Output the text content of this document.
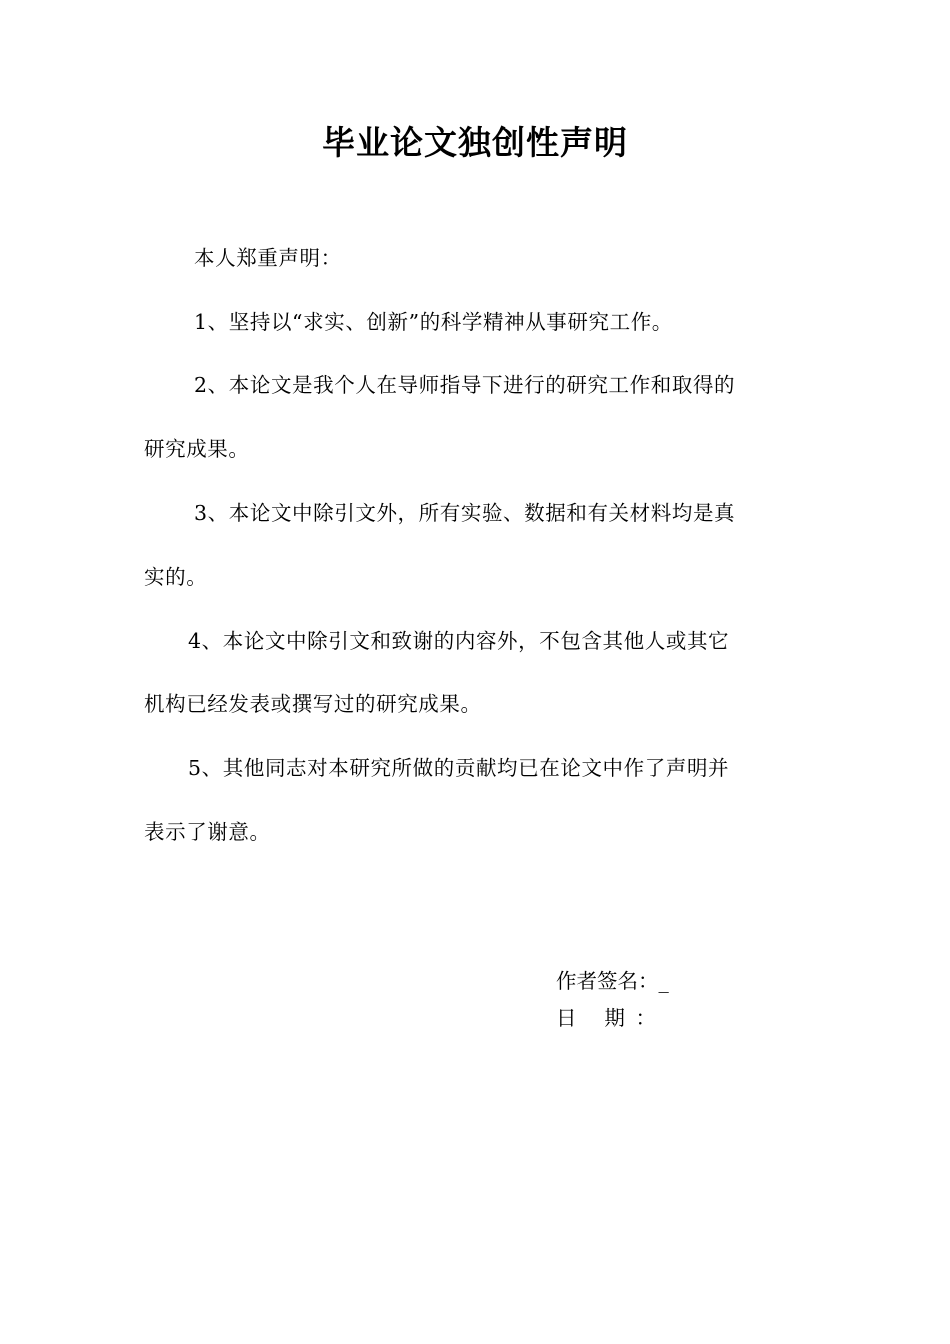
毕业论文独创性声明
本人郑重声明：
1、坚持以“求实、创新”的科学精神从事研究工作。
2、本论文是我个人在导师指导下进行的研究工作和取得的
研究成果。
3、本论文中除引文外，所有实验、数据和有关材料均是真
实的。
4、本论文中除引文和致谢的内容外，不包含其他人或其它
机构已经发表或撰写过的研究成果。
5、其他同志对本研究所做的贡献均已在论文中作了声明并
表示了谢意。
作者签名：_
日 期：
